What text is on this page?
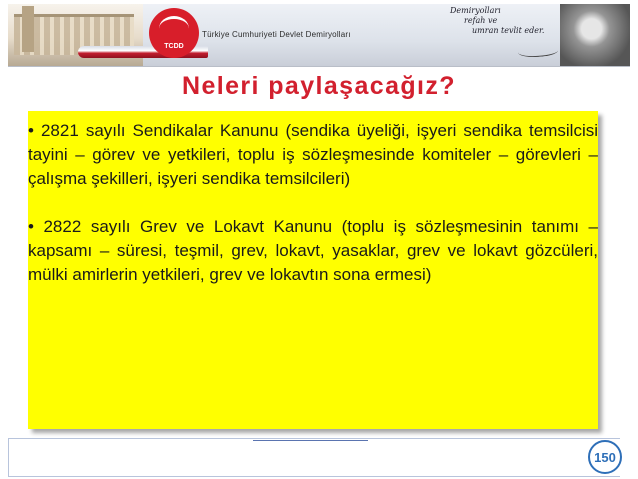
TCDD
Türkiye Cumhuriyeti Devlet Demiryolları
Demiryolları
refah ve
umran tevlit eder.
Neleri paylaşacağız?

• 2821 sayılı Sendikalar Kanunu (sendika üyeliği, işyeri sendika temsilcisi tayini – görev ve yetkileri, toplu iş sözleşmesinde komiteler – görevleri – çalışma şekilleri, işyeri sendika temsilcileri)

• 2822 sayılı Grev ve Lokavt Kanunu (toplu iş sözleşmesinin tanımı – kapsamı – süresi, teşmil, grev, lokavt, yasaklar, grev ve lokavt gözcüleri, mülki amirlerin yetkileri, grev ve lokavtın sona ermesi)

150
